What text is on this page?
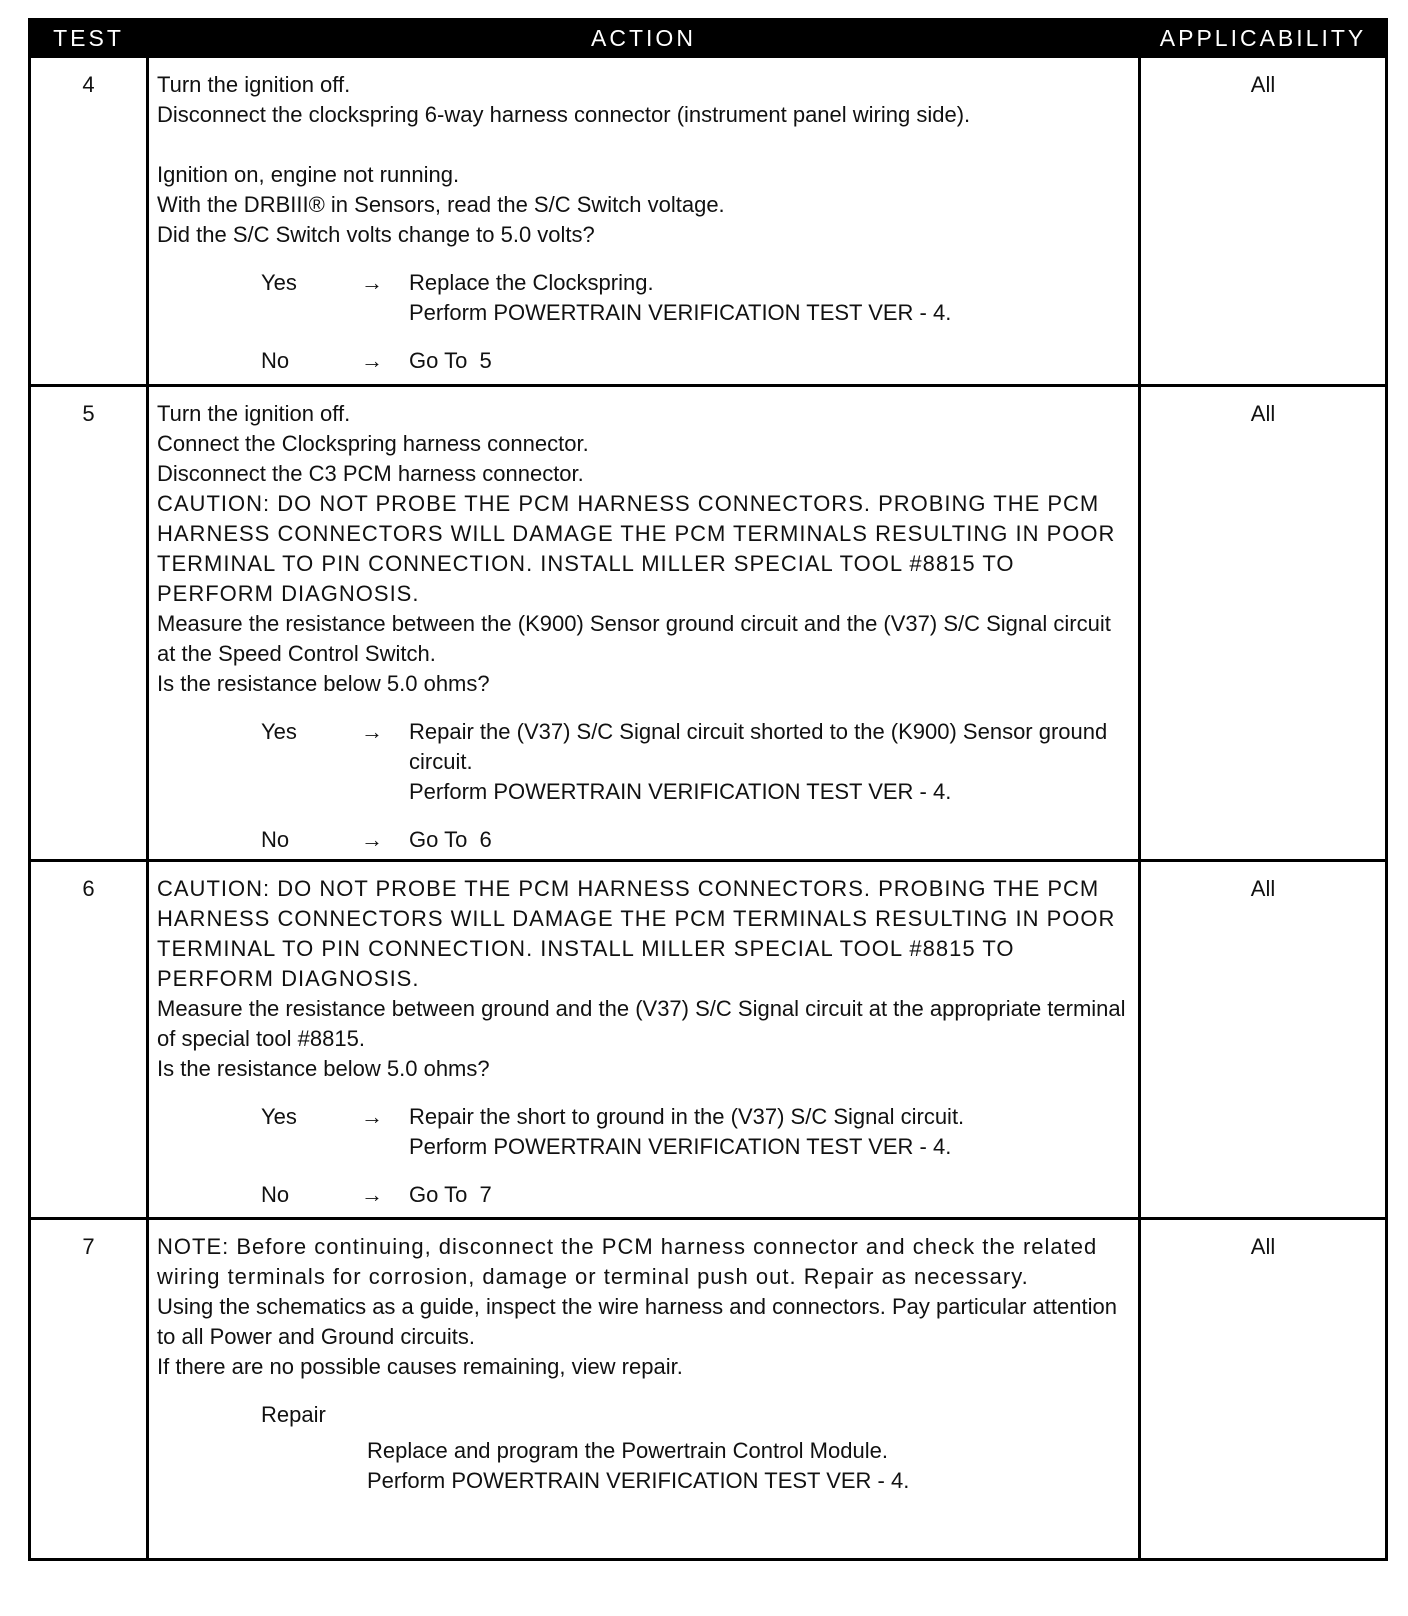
TEST	ACTION	APPLICABILITY
4	Turn the ignition off.
Disconnect the clockspring 6-way harness connector (instrument panel wiring side).
Ignition on, engine not running.
With the DRBIII® in Sensors, read the S/C Switch voltage.
Did the S/C Switch volts change to 5.0 volts?
Yes	→	Replace the Clockspring.
Perform POWERTRAIN VERIFICATION TEST VER - 4.
No	→	Go To  5
All
5	Turn the ignition off.
Connect the Clockspring harness connector.
Disconnect the C3 PCM harness connector.
CAUTION: DO NOT PROBE THE PCM HARNESS CONNECTORS. PROBING THE PCM HARNESS CONNECTORS WILL DAMAGE THE PCM TERMINALS RESULTING IN POOR TERMINAL TO PIN CONNECTION. INSTALL MILLER SPECIAL TOOL #8815 TO PERFORM DIAGNOSIS.
Measure the resistance between the (K900) Sensor ground circuit and the (V37) S/C Signal circuit at the Speed Control Switch.
Is the resistance below 5.0 ohms?
Yes	→	Repair the (V37) S/C Signal circuit shorted to the (K900) Sensor ground circuit.
Perform POWERTRAIN VERIFICATION TEST VER - 4.
No	→	Go To  6
All
6	CAUTION: DO NOT PROBE THE PCM HARNESS CONNECTORS. PROBING THE PCM HARNESS CONNECTORS WILL DAMAGE THE PCM TERMINALS RESULTING IN POOR TERMINAL TO PIN CONNECTION. INSTALL MILLER SPECIAL TOOL #8815 TO PERFORM DIAGNOSIS.
Measure the resistance between ground and the (V37) S/C Signal circuit at the appropriate terminal of special tool #8815.
Is the resistance below 5.0 ohms?
Yes	→	Repair the short to ground in the (V37) S/C Signal circuit.
Perform POWERTRAIN VERIFICATION TEST VER - 4.
No	→	Go To  7
All
7	NOTE: Before continuing, disconnect the PCM harness connector and check the related wiring terminals for corrosion, damage or terminal push out. Repair as necessary.
Using the schematics as a guide, inspect the wire harness and connectors. Pay particular attention to all Power and Ground circuits.
If there are no possible causes remaining, view repair.
Repair
Replace and program the Powertrain Control Module.
Perform POWERTRAIN VERIFICATION TEST VER - 4.
All
